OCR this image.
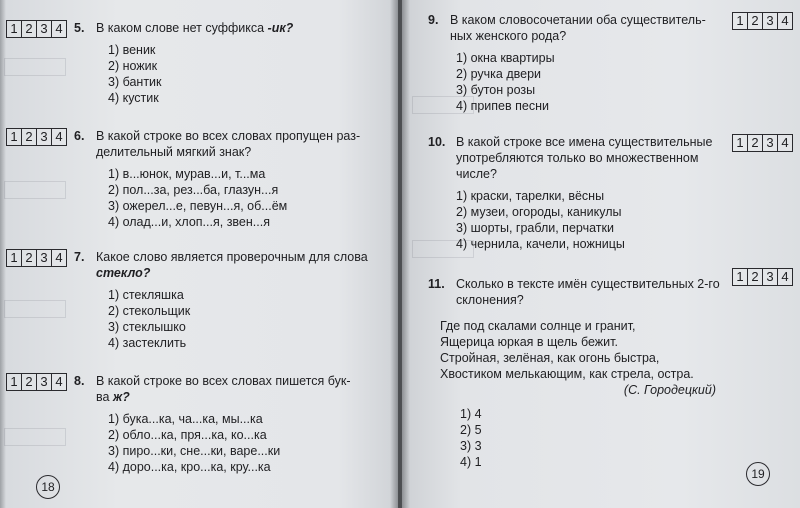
1 2 3 4 5. В каком слове нет суффикса -ик?
1) веник
2) ножик
3) бантик
4) кустик
1 2 3 4 6. В какой строке во всех словах пропущен раз-
делительный мягкий знак?
1) в...юнок, мурав...и, т...ма
2) пол...за, рез...ба, глазун...я
3) ожерел...е, певун...я, об...ём
4) олад...и, хлоп...я, звен...я
1 2 3 4 7. Какое слово является проверочным для слова
стекло?
1) стекляшка
2) стекольщик
3) стеклышко
4) застеклить
1 2 3 4 8. В какой строке во всех словах пишется бук-
ва ж?
1) бука...ка, ча...ка, мы...ка
2) обло...ка, пря...ка, ко...ка
3) пиро...ки, сне...ки, варе...ки
4) доро...ка, кро...ка, кру...ка
18
9. В каком словосочетании оба существитель-
ных женского рода?
1) окна квартиры
2) ручка двери
3) бутон розы
4) припев песни
1 2 3 4
10. В какой строке все имена существительные
употребляются только во множественном
числе?
1) краски, тарелки, вёсны
2) музеи, огороды, каникулы
3) шорты, грабли, перчатки
4) чернила, качели, ножницы
1 2 3 4
11. Сколько в тексте имён существительных 2-го
склонения?
1 2 3 4
Где под скалами солнце и гранит,
Ящерица юркая в щель бежит.
Стройная, зелёная, как огонь быстра,
Хвостиком мелькающим, как стрела, остра.
(С. Городецкий)
1) 4
2) 5
3) 3
4) 1
19
